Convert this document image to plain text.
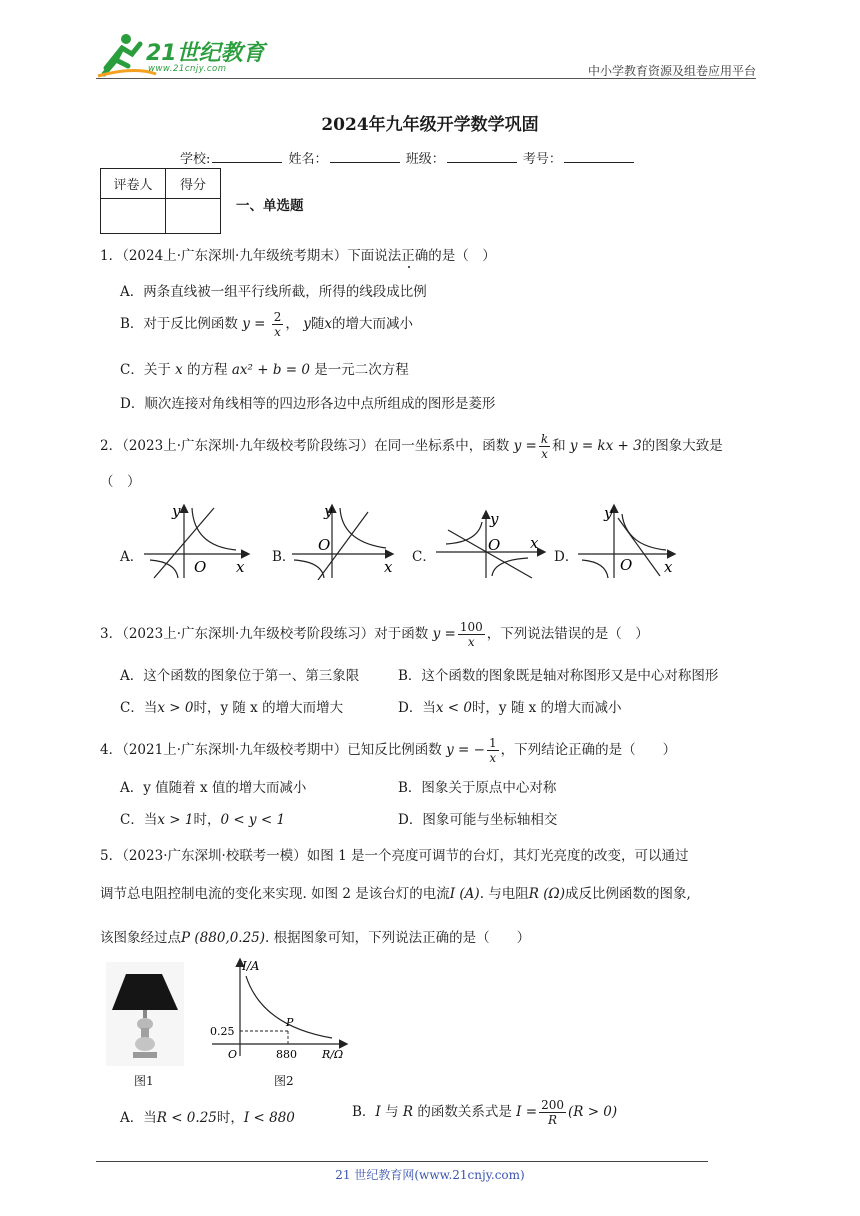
21世纪教育
www.21cnjy.com	中小学教育资源及组卷应用平台
2024年九年级开学数学巩固
学校:	姓名：	班级：	考号：
评卷人	得分

一、单选题
1．（2024上·广东深圳·九年级统考期末）下面说法正确的是（　）
A．两条直线被一组平行线所截，所得的线段成比例
B．对于反比例函数 $y = \frac{2}{x}$ ， y随x的增大而减小
C．关于 x 的方程 ax² + b = 0 是一元二次方程
D．顺次连接对角线相等的四边形各边中点所组成的图形是菱形
2．（2023上·广东深圳·九年级校考阶段练习）在同一坐标系中，函数 $y = \frac{k}{x}$ 和 y = kx + 3的图象大致是
（　）
A．
y
O x
B．
y
O
x
C．
y
O x
D．
y
O x
3．（2023上·广东深圳·九年级校考阶段练习）对于函数 $y = \frac{100}{x}$ ，下列说法错误的是（　）
A．这个函数的图象位于第一、第三象限	B．这个函数的图象既是轴对称图形又是中心对称图形
C．当x > 0时，y 随 x 的增大而增大	D．当x < 0时，y 随 x 的增大而减小
4．（2021上·广东深圳·九年级校考期中）已知反比例函数 y = − $\frac{1}{x}$ ，下列结论正确的是（　　）
A．y 值随着 x 值的增大而减小	B．图象关于原点中心对称
C．当x > 1时，0 < y < 1	D．图象可能与坐标轴相交
5．（2023·广东深圳·校联考一模）如图 1 是一个亮度可调节的台灯，其灯光亮度的改变，可以通过
调节总电阻控制电流的变化来实现. 如图 2 是该台灯的电流I (A). 与电阻R (Ω)成反比例函数的图象,
该图象经过点P (880,0.25). 根据图象可知，下列说法正确的是（　　）
图1
I/A
R/Ω
P
O
0.25
880
图2
A．当R < 0.25时，I < 880	B．I 与 R 的函数关系式是 $I = \frac{200}{R} (R > 0)$
21 世纪教育网(www.21cnjy.com)
